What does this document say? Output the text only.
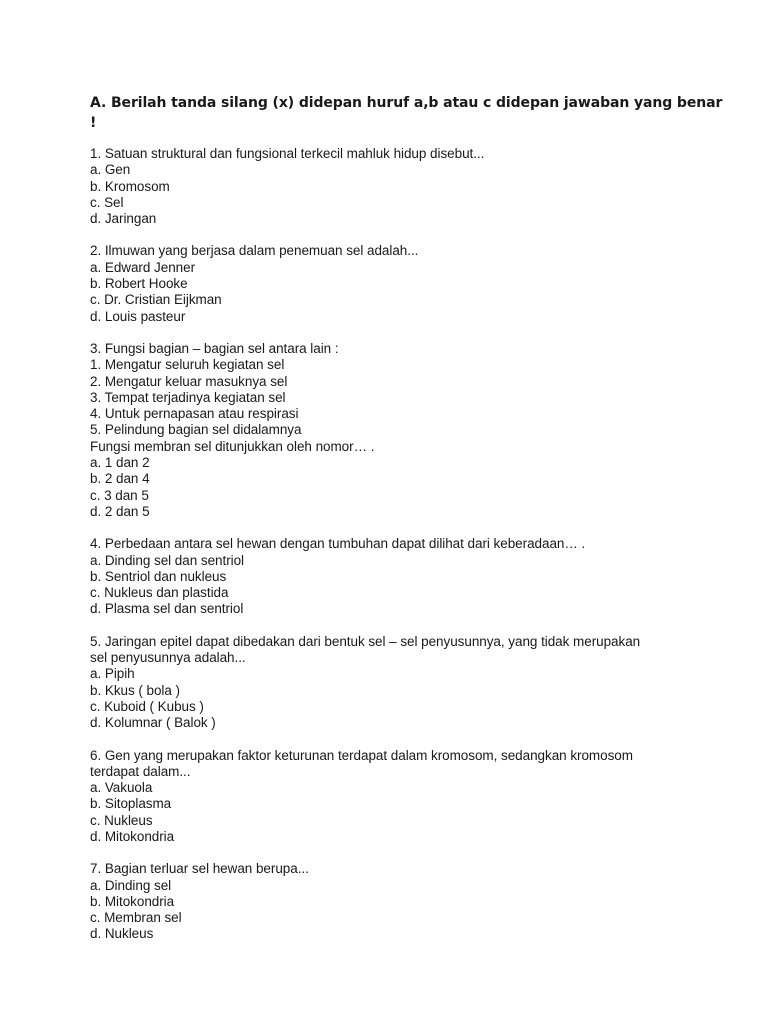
A. Berilah tanda silang (x) didepan huruf a,b atau c didepan jawaban yang benar !
1. Satuan struktural dan fungsional terkecil mahluk hidup disebut...
a. Gen
b. Kromosom
c. Sel
d. Jaringan
2. Ilmuwan yang berjasa dalam penemuan sel adalah...
a. Edward Jenner
b. Robert Hooke
c. Dr. Cristian Eijkman
d. Louis pasteur
3. Fungsi bagian – bagian sel antara lain :
1. Mengatur seluruh kegiatan sel
2. Mengatur keluar masuknya sel
3. Tempat terjadinya kegiatan sel
4. Untuk pernapasan atau respirasi
5. Pelindung bagian sel didalamnya
Fungsi membran sel ditunjukkan oleh nomor… .
a. 1 dan 2
b. 2 dan 4
c. 3 dan 5
d. 2 dan 5
4. Perbedaan antara sel hewan dengan tumbuhan dapat dilihat dari keberadaan… .
a. Dinding sel dan sentriol
b. Sentriol dan nukleus
c. Nukleus dan plastida
d. Plasma sel dan sentriol
5. Jaringan epitel dapat dibedakan dari bentuk sel – sel penyusunnya, yang tidak merupakan
sel penyusunnya adalah...
a. Pipih
b. Kkus ( bola )
c. Kuboid ( Kubus )
d. Kolumnar ( Balok )
6. Gen yang merupakan faktor keturunan terdapat dalam kromosom, sedangkan kromosom
terdapat dalam...
a. Vakuola
b. Sitoplasma
c. Nukleus
d. Mitokondria
7. Bagian terluar sel hewan berupa...
a. Dinding sel
b. Mitokondria
c. Membran sel
d. Nukleus
